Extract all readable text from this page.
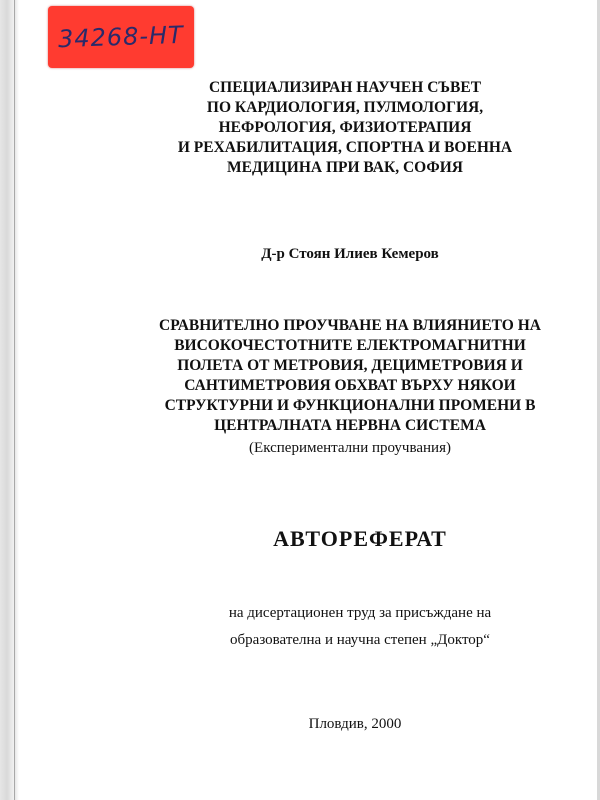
34268-НТ
СПЕЦИАЛИЗИРАН НАУЧЕН СЪВЕТ
ПО КАРДИОЛОГИЯ, ПУЛМОЛОГИЯ,
НЕФРОЛОГИЯ, ФИЗИОТЕРАПИЯ
И РЕХАБИЛИТАЦИЯ, СПОРТНА И ВОЕННА
МЕДИЦИНА ПРИ ВАК, СОФИЯ
Д-р Стоян Илиев Кемеров
СРАВНИТЕЛНО ПРОУЧВАНЕ НА ВЛИЯНИЕТО НА
ВИСОКОЧЕСТОТНИТЕ ЕЛЕКТРОМАГНИТНИ
ПОЛЕТА ОТ МЕТРОВИЯ, ДЕЦИМЕТРОВИЯ И
САНТИМЕТРОВИЯ ОБХВАТ ВЪРХУ НЯКОИ
СТРУКТУРНИ И ФУНКЦИОНАЛНИ ПРОМЕНИ В
ЦЕНТРАЛНАТА НЕРВНА СИСТЕМА
(Експериментални проучвания)
АВТОРЕФЕРАТ
на дисертационен труд за присъждане на
образователна и научна степен „Доктор“
Пловдив, 2000
